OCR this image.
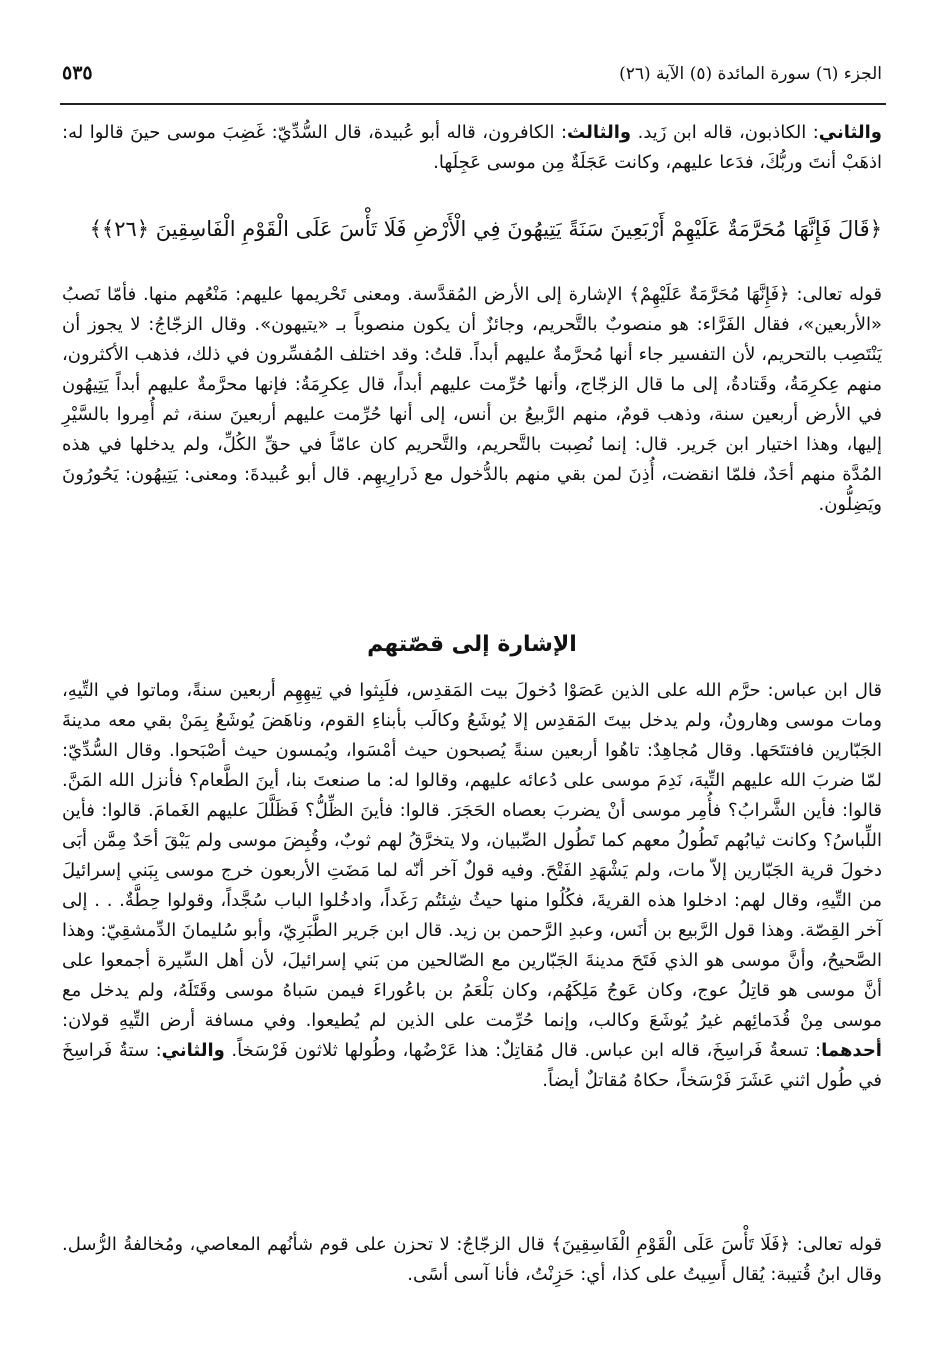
الجزء (٦) سورة المائدة (٥) الآية (٢٦)
٥٣٥

والثاني: الكاذبون، قاله ابن زَيد. والثالث: الكافرون، قاله أبو عُبيدة، قال السُّدِّيّ: غَضِبَ موسى حينَ قالوا له: اذهَبْ أنتَ وربُّكَ، فدَعا عليهم، وكانت عَجَلَةٌ مِن موسى عَجِلَها.

﴿قَالَ فَإِنَّهَا مُحَرَّمَةٌ عَلَيْهِمْ أَرْبَعِينَ سَنَةً يَتِيهُونَ فِي الْأَرْضِ فَلَا تَأْسَ عَلَى الْقَوْمِ الْفَاسِقِينَ ﴿٢٦﴾﴾

قوله تعالى: ﴿فَإِنَّهَا مُحَرَّمَةٌ عَلَيْهِمْ﴾ الإشارة إلى الأرض المُقدَّسة. ومعنى تَحْريمها عليهم: مَنْعُهم منها. فأمّا نَصبُ «الأربعين»، فقال الفَرَّاء: هو منصوبٌ بالتَّحريم، وجائزٌ أن يكون منصوباً بـ «يتيهون». وقال الزجّاجُ: لا يجوز أن يَنْتَصِب بالتحريم، لأن التفسير جاء أنها مُحرَّمةٌ عليهم أبداً. قلتُ: وقد اختلف المُفسِّرون في ذلك، فذهب الأكثرون، منهم عِكرِمَةُ، وقَتادةُ، إلى ما قال الزجّاج، وأنها حُرِّمت عليهم أبداً، قال عِكرِمَةُ: فإنها محرَّمةٌ عليهم أبداً يَتِيهُون في الأرض أربعين سنة، وذهب قومٌ، منهم الرَّبيعُ بن أنس، إلى أنها حُرِّمت عليهم أربعينَ سنة، ثم أُمِروا بالسَّيْرِ إليها، وهذا اختيار ابن جَرير. قال: إنما نُصِبت بالتَّحريم، والتَّحريم كان عامّاً في حقِّ الكُلِّ، ولم يدخلها في هذه المُدَّة منهم أحَدٌ، فلمّا انقضت، أُذِنَ لمن بقي منهم بالدُّخول مع ذَرارِيهِم. قال أبو عُبيدةَ: ومعنى: يَتِيهُون: يَحُورُونَ ويَضِلُّون.

الإشارة إلى قصّتهم

قال ابن عباس: حرَّم الله على الذين عَصَوْا دُخولَ بيت المَقدِس، فلَبِثوا في تِيهِهِم أربعين سنةً، وماتوا في التِّيهِ، ومات موسى وهارونُ، ولم يدخل بيتَ المَقدِس إلا يُوشَعُ وكالَب بأبناءِ القوم، وناهَضَ يُوشَعُ بِمَنْ بقي معه مدينةَ الجَبّارين فافتتَحَها. وقال مُجاهِدٌ: تاهُوا أربعين سنةً يُصبحون حيث أمْسَوا، ويُمسون حيث أصْبَحوا. وقال السُّدِّيّ: لمّا ضربَ الله عليهم التِّيهَ، نَدِمَ موسى على دُعائه عليهم، وقالوا له: ما صنعتَ بنا، أينَ الطَّعام؟ فأنزل الله المَنَّ. قالوا: فأين الشَّرابُ؟ فأُمِر موسى أنْ يضربَ بعصاه الحَجَرَ. قالوا: فأينَ الظِّلُّ؟ فَظَلَّلَ عليهم الغَمامَ. قالوا: فأين اللِّباسُ؟ وكانت ثيابُهم تَطُولُ معهم كما تَطُول الصِّبيان، ولا يتخرَّقُ لهم ثوبٌ، وقُبِضَ موسى ولم يَبْقَ أحَدٌ مِمَّن أبَى دخولَ قرية الجَبّارين إلاّ مات، ولم يَشْهَدِ الفَتْحَ. وفيه قولٌ آخر أنّه لما مَضَتِ الأربعون خرج موسى بِبَني إسرائيلَ من التِّيهِ، وقال لهم: ادخلوا هذه القريةَ، فكُلُوا منها حيثُ شِئتُم رَغَداً، وادخُلوا الباب سُجَّداً، وقولوا حِطَّةٌ. . . إلى آخر القِصّة. وهذا قول الرَّبيع بن أنَس، وعبدِ الرَّحمن بن زيد. قال ابن جَرير الطَّبَرِيّ، وأبو سُليمانَ الدِّمشقِيّ: وهذا الصَّحيحُ، وأنَّ موسى هو الذي فَتَحَ مدينةَ الجَبّارين مع الصّالحين من بَني إسرائيلَ، لأن أهل السِّيرة أجمعوا على أنَّ موسى هو قاتِلُ عوج، وكان عَوجُ مَلِكَهُم، وكان بَلْعَمُ بن باعُوراءَ فيمن سَباهُ موسى وقَتَلَهُ، ولم يدخل مع موسى مِنْ قُدَمائِهم غيرُ يُوشَعَ وكالب، وإنما حُرِّمت على الذين لم يُطيعوا. وفي مسافة أرض التِّيهِ قولان: أحدهما: تسعةُ فَراسِخَ، قاله ابن عباس. قال مُقاتِلٌ: هذا عَرْضُها، وطُولها ثلاثون فَرْسَخاً. والثاني: ستةُ فَراسِخَ في طُول اثني عَشَرَ فَرْسَخاً، حكاهُ مُقاتلٌ أيضاً.

قوله تعالى: ﴿فَلَا تَأْسَ عَلَى الْقَوْمِ الْفَاسِقِينَ﴾ قال الزجّاجُ: لا تحزن على قوم شأنُهم المعاصي، ومُخالفةُ الرُّسل. وقال ابنُ قُتيبة: يُقال أَسِيتُ على كذا، أي: حَزِنْتُ، فأنا آسى أسًى.
